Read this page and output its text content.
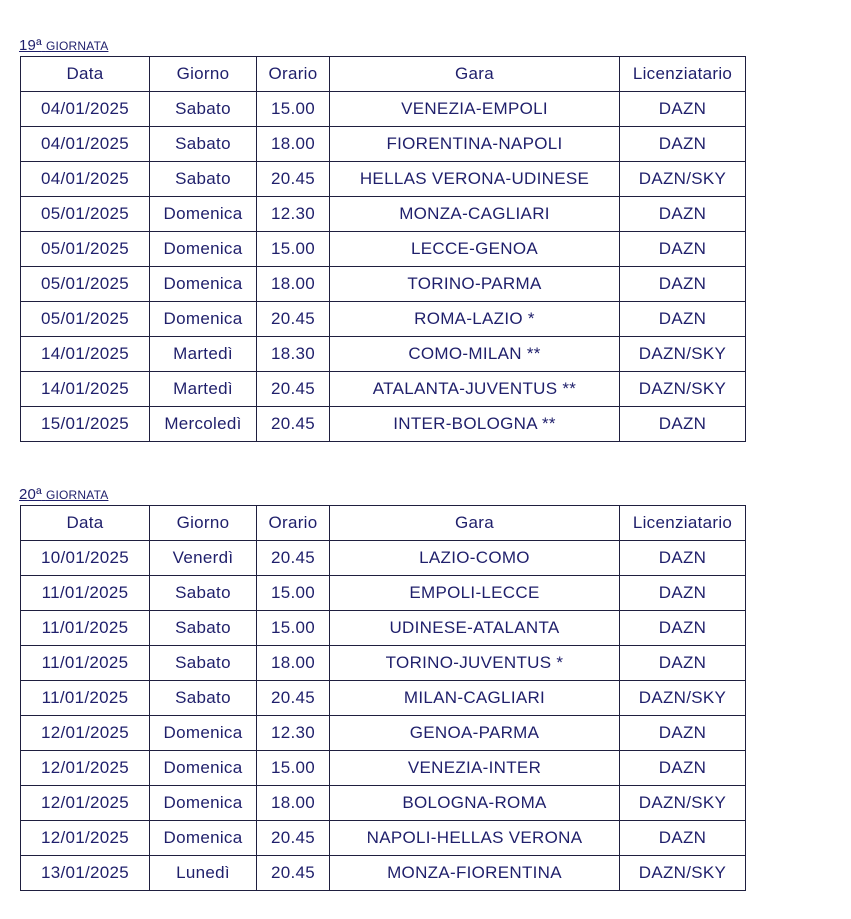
19ª GIORNATA
Data	Giorno	Orario	Gara	Licenziatario
04/01/2025	Sabato	15.00	VENEZIA-EMPOLI	DAZN
04/01/2025	Sabato	18.00	FIORENTINA-NAPOLI	DAZN
04/01/2025	Sabato	20.45	HELLAS VERONA-UDINESE	DAZN/SKY
05/01/2025	Domenica	12.30	MONZA-CAGLIARI	DAZN
05/01/2025	Domenica	15.00	LECCE-GENOA	DAZN
05/01/2025	Domenica	18.00	TORINO-PARMA	DAZN
05/01/2025	Domenica	20.45	ROMA-LAZIO *	DAZN
14/01/2025	Martedì	18.30	COMO-MILAN **	DAZN/SKY
14/01/2025	Martedì	20.45	ATALANTA-JUVENTUS **	DAZN/SKY
15/01/2025	Mercoledì	20.45	INTER-BOLOGNA **	DAZN
20ª GIORNATA
Data	Giorno	Orario	Gara	Licenziatario
10/01/2025	Venerdì	20.45	LAZIO-COMO	DAZN
11/01/2025	Sabato	15.00	EMPOLI-LECCE	DAZN
11/01/2025	Sabato	15.00	UDINESE-ATALANTA	DAZN
11/01/2025	Sabato	18.00	TORINO-JUVENTUS *	DAZN
11/01/2025	Sabato	20.45	MILAN-CAGLIARI	DAZN/SKY
12/01/2025	Domenica	12.30	GENOA-PARMA	DAZN
12/01/2025	Domenica	15.00	VENEZIA-INTER	DAZN
12/01/2025	Domenica	18.00	BOLOGNA-ROMA	DAZN/SKY
12/01/2025	Domenica	20.45	NAPOLI-HELLAS VERONA	DAZN
13/01/2025	Lunedì	20.45	MONZA-FIORENTINA	DAZN/SKY
